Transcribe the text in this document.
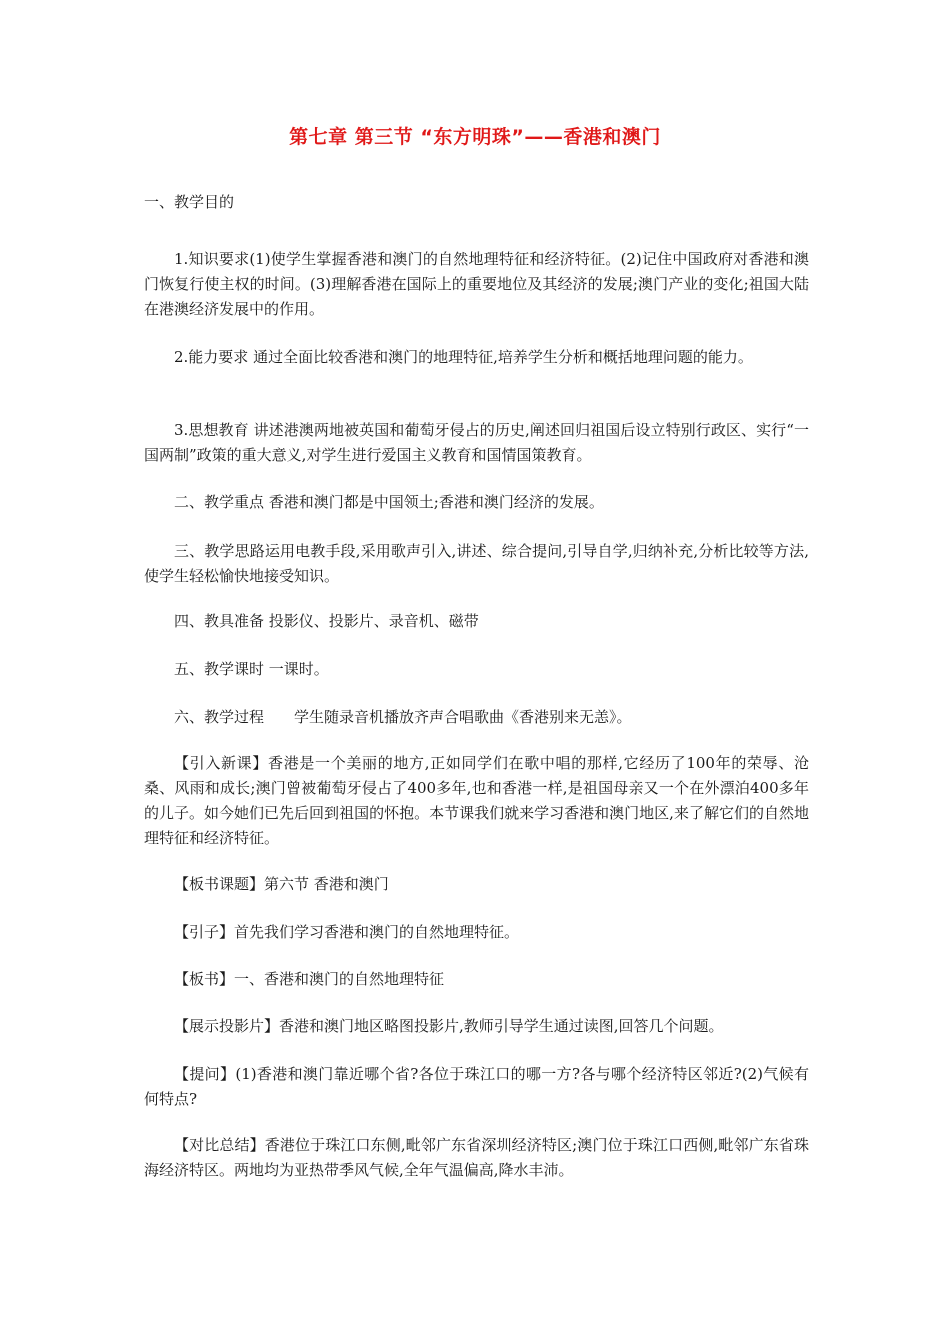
第七章 第三节 “东方明珠”——香港和澳门

一、教学目的

1.知识要求(1)使学生掌握香港和澳门的自然地理特征和经济特征。(2)记住中国政府对香港和澳门恢复行使主权的时间。(3)理解香港在国际上的重要地位及其经济的发展;澳门产业的变化;祖国大陆在港澳经济发展中的作用。

2.能力要求 通过全面比较香港和澳门的地理特征,培养学生分析和概括地理问题的能力。

3.思想教育 讲述港澳两地被英国和葡萄牙侵占的历史,阐述回归祖国后设立特别行政区、实行“一国两制”政策的重大意义,对学生进行爱国主义教育和国情国策教育。

二、教学重点 香港和澳门都是中国领土;香港和澳门经济的发展。

三、教学思路运用电教手段,采用歌声引入,讲述、综合提问,引导自学,归纳补充,分析比较等方法,使学生轻松愉快地接受知识。

四、教具准备 投影仪、投影片、录音机、磁带

五、教学课时 一课时。

六、教学过程　　学生随录音机播放齐声合唱歌曲《香港别来无恙》。

【引入新课】香港是一个美丽的地方,正如同学们在歌中唱的那样,它经历了100年的荣辱、沧桑、风雨和成长;澳门曾被葡萄牙侵占了400多年,也和香港一样,是祖国母亲又一个在外漂泊400多年的儿子。如今她们已先后回到祖国的怀抱。本节课我们就来学习香港和澳门地区,来了解它们的自然地理特征和经济特征。

【板书课题】第六节 香港和澳门

【引子】首先我们学习香港和澳门的自然地理特征。

【板书】一、香港和澳门的自然地理特征

【展示投影片】香港和澳门地区略图投影片,教师引导学生通过读图,回答几个问题。

【提问】(1)香港和澳门靠近哪个省?各位于珠江口的哪一方?各与哪个经济特区邻近?(2)气候有何特点?

【对比总结】香港位于珠江口东侧,毗邻广东省深圳经济特区;澳门位于珠江口西侧,毗邻广东省珠海经济特区。两地均为亚热带季风气候,全年气温偏高,降水丰沛。
